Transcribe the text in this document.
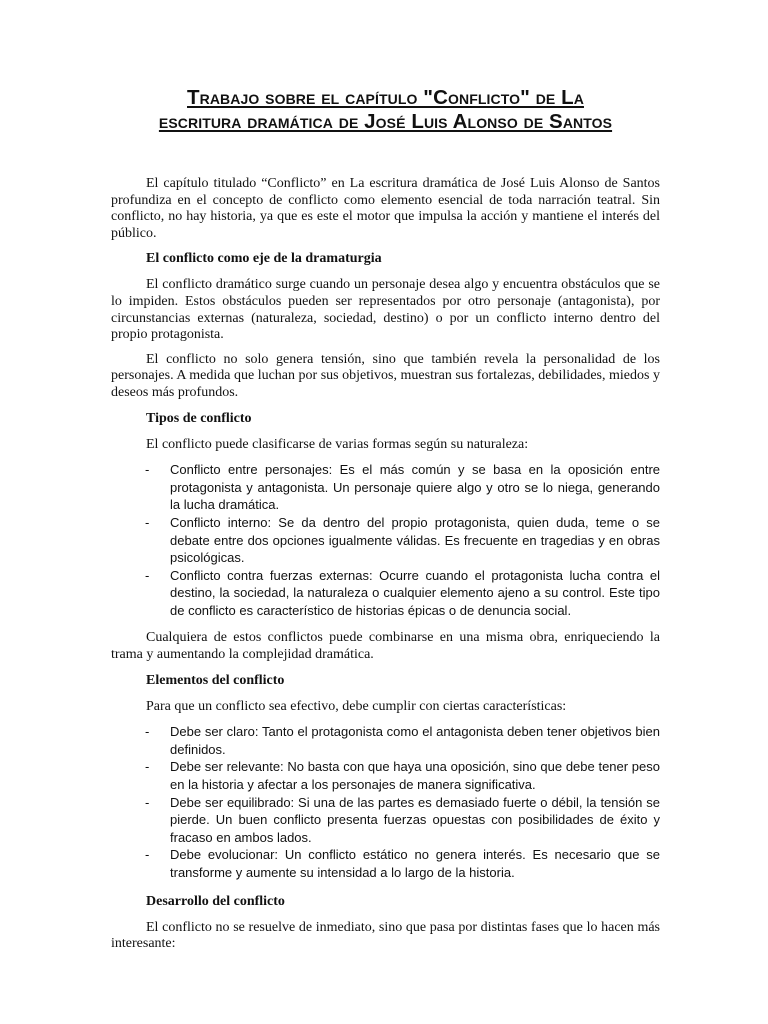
Trabajo sobre el capítulo "Conflicto" de La
escritura dramática de José Luis Alonso de Santos

El capítulo titulado “Conflicto” en La escritura dramática de José Luis Alonso de Santos profundiza en el concepto de conflicto como elemento esencial de toda narración teatral. Sin conflicto, no hay historia, ya que es este el motor que impulsa la acción y mantiene el interés del público.

El conflicto como eje de la dramaturgia

El conflicto dramático surge cuando un personaje desea algo y encuentra obstáculos que se lo impiden. Estos obstáculos pueden ser representados por otro personaje (antagonista), por circunstancias externas (naturaleza, sociedad, destino) o por un conflicto interno dentro del propio protagonista.

El conflicto no solo genera tensión, sino que también revela la personalidad de los personajes. A medida que luchan por sus objetivos, muestran sus fortalezas, debilidades, miedos y deseos más profundos.

Tipos de conflicto

El conflicto puede clasificarse de varias formas según su naturaleza:

- Conflicto entre personajes: Es el más común y se basa en la oposición entre protagonista y antagonista. Un personaje quiere algo y otro se lo niega, generando la lucha dramática.
- Conflicto interno: Se da dentro del propio protagonista, quien duda, teme o se debate entre dos opciones igualmente válidas. Es frecuente en tragedias y en obras psicológicas.
- Conflicto contra fuerzas externas: Ocurre cuando el protagonista lucha contra el destino, la sociedad, la naturaleza o cualquier elemento ajeno a su control. Este tipo de conflicto es característico de historias épicas o de denuncia social.

Cualquiera de estos conflictos puede combinarse en una misma obra, enriqueciendo la trama y aumentando la complejidad dramática.

Elementos del conflicto

Para que un conflicto sea efectivo, debe cumplir con ciertas características:

- Debe ser claro: Tanto el protagonista como el antagonista deben tener objetivos bien definidos.
- Debe ser relevante: No basta con que haya una oposición, sino que debe tener peso en la historia y afectar a los personajes de manera significativa.
- Debe ser equilibrado: Si una de las partes es demasiado fuerte o débil, la tensión se pierde. Un buen conflicto presenta fuerzas opuestas con posibilidades de éxito y fracaso en ambos lados.
- Debe evolucionar: Un conflicto estático no genera interés. Es necesario que se transforme y aumente su intensidad a lo largo de la historia.

Desarrollo del conflicto

El conflicto no se resuelve de inmediato, sino que pasa por distintas fases que lo hacen más interesante:
